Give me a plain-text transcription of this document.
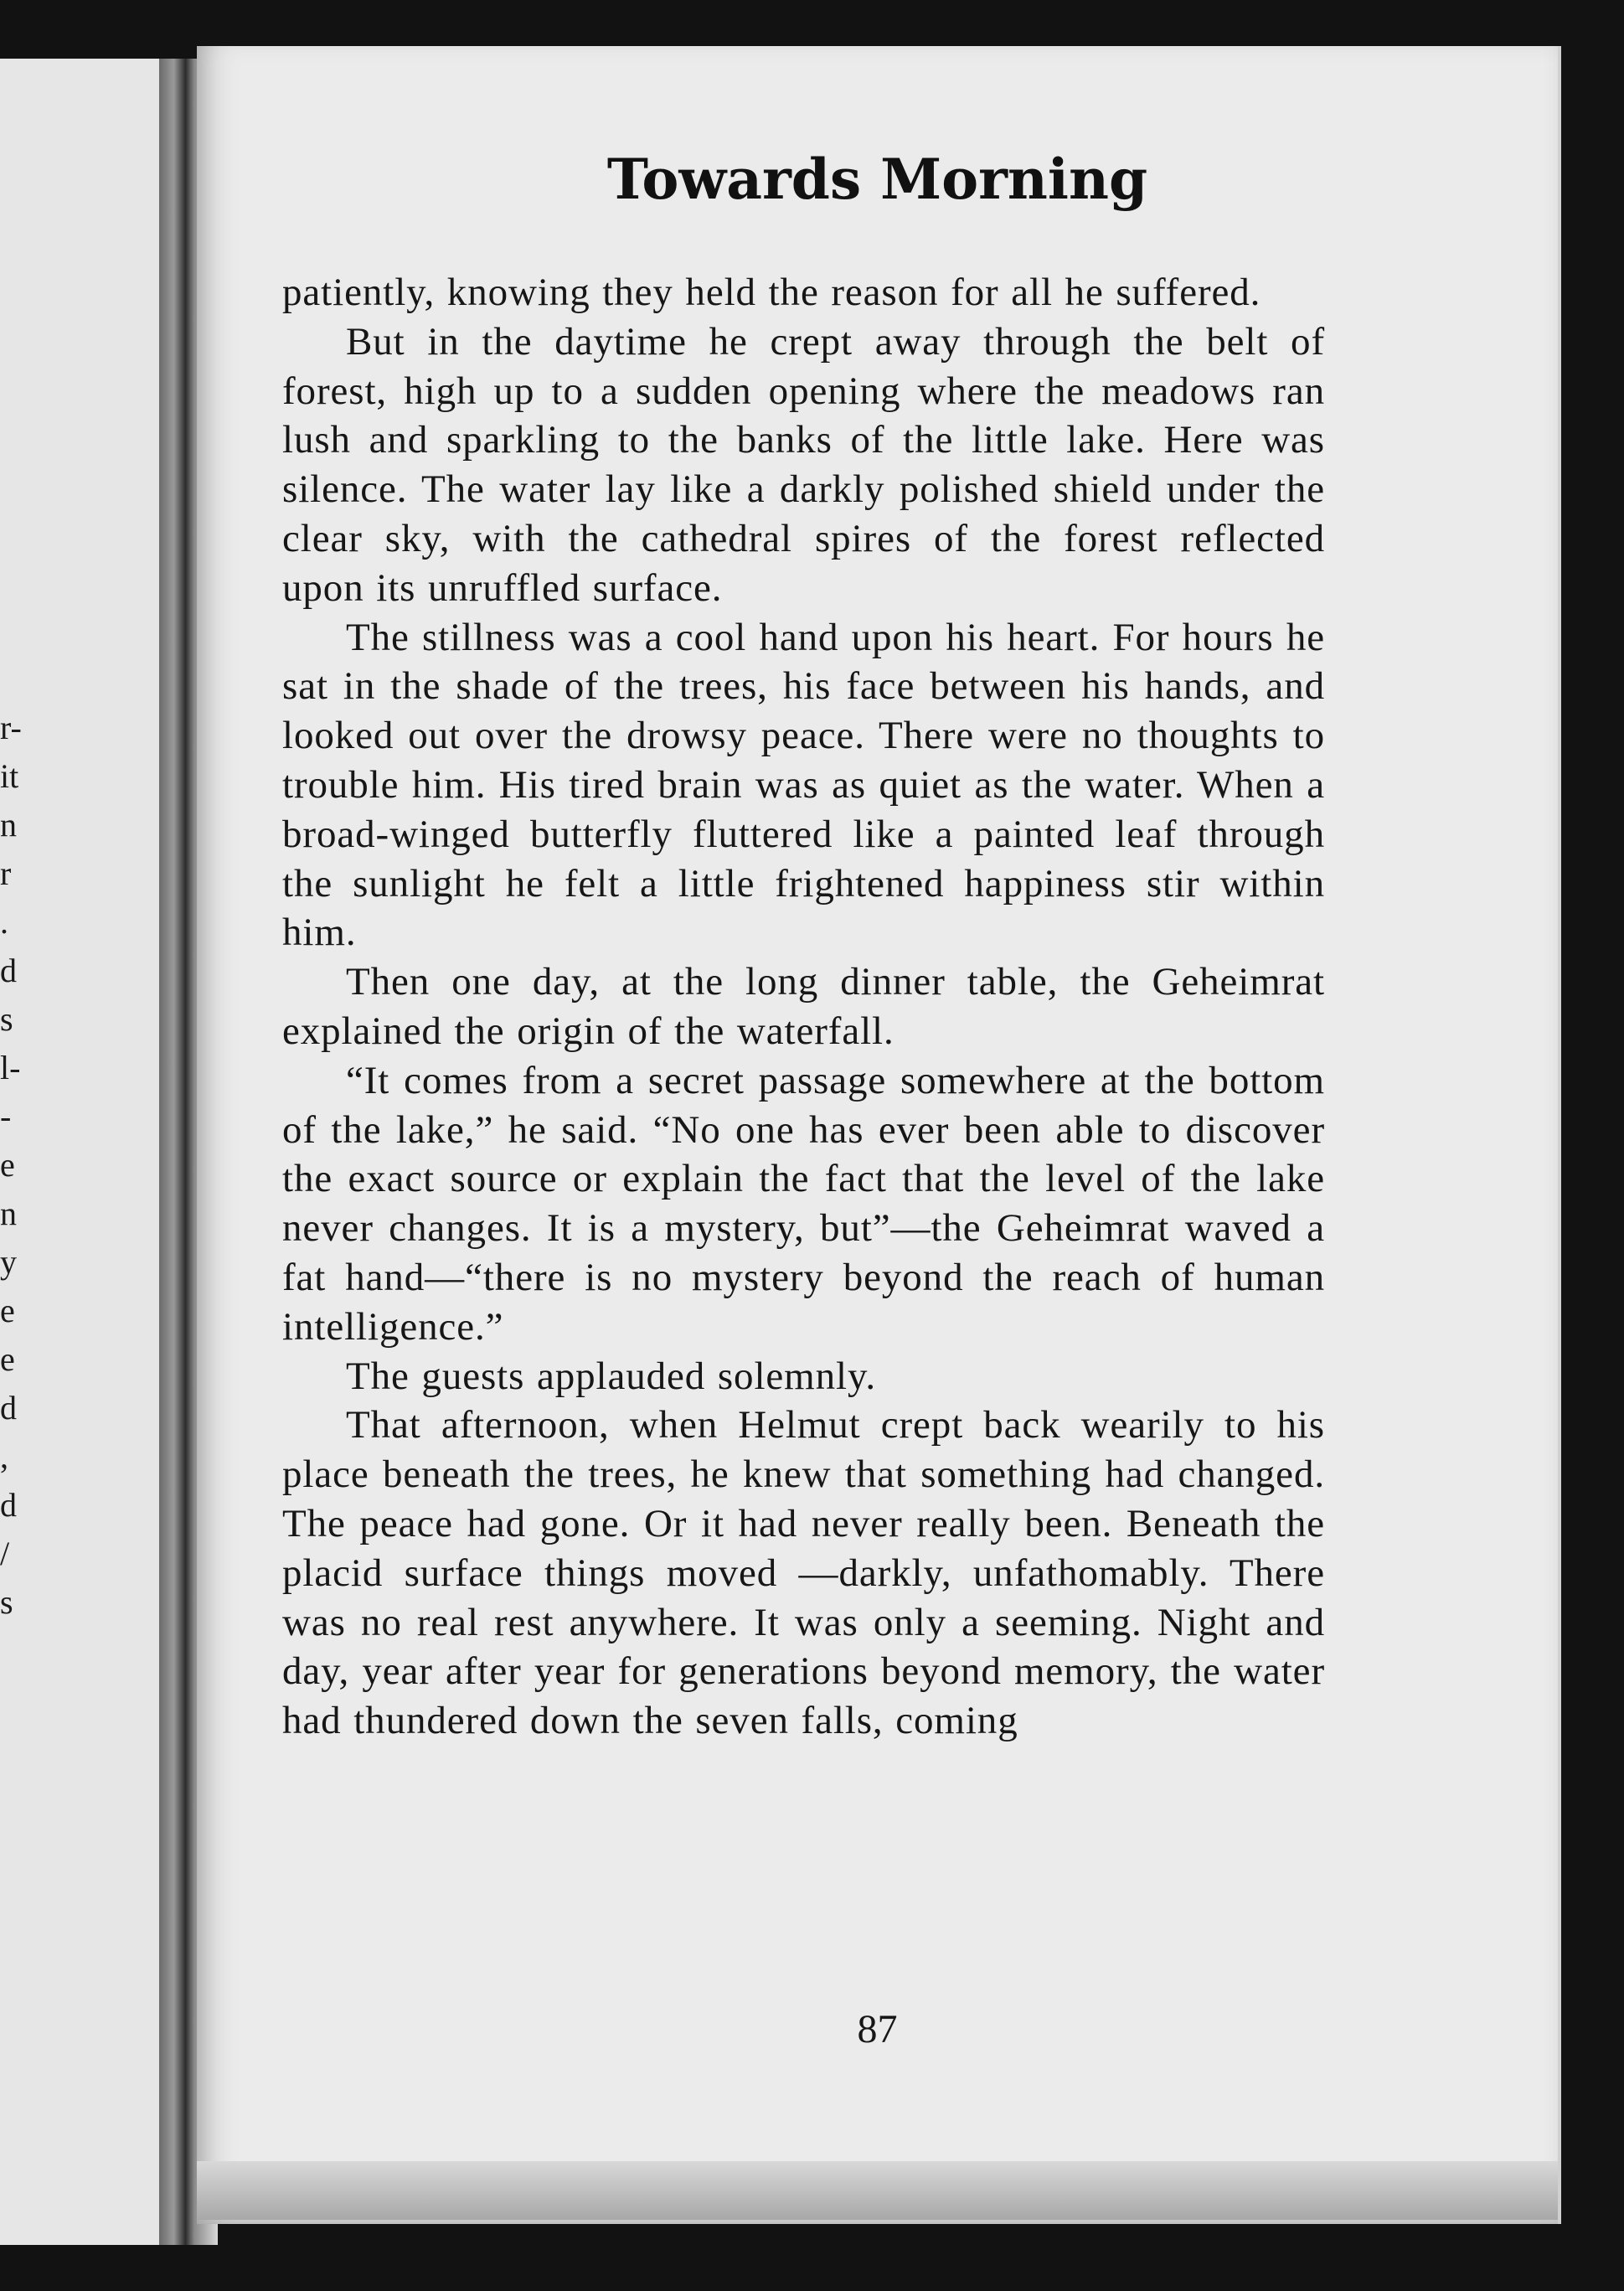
r-
it
n
r
.
d
s
l-
-
e
n
y
e
e
d
,
d
/
s
Towards Morning

patiently, knowing they held the reason for all he suffered.

But in the daytime he crept away through the belt of forest, high up to a sudden opening where the meadows ran lush and sparkling to the banks of the little lake. Here was silence. The water lay like a darkly polished shield under the clear sky, with the cathedral spires of the forest reflected upon its unruffled surface.

The stillness was a cool hand upon his heart. For hours he sat in the shade of the trees, his face between his hands, and looked out over the drowsy peace. There were no thoughts to trouble him. His tired brain was as quiet as the water. When a broad-winged butterfly fluttered like a painted leaf through the sunlight he felt a little frightened happiness stir within him.

Then one day, at the long dinner table, the Geheimrat explained the origin of the waterfall.

“It comes from a secret passage somewhere at the bottom of the lake,” he said. “No one has ever been able to discover the exact source or explain the fact that the level of the lake never changes. It is a mystery, but”—the Geheimrat waved a fat hand—“there is no mystery beyond the reach of human intelligence.”

The guests applauded solemnly.

That afternoon, when Helmut crept back wearily to his place beneath the trees, he knew that something had changed. The peace had gone. Or it had never really been. Beneath the placid surface things moved —darkly, unfathomably. There was no real rest anywhere. It was only a seeming. Night and day, year after year for generations beyond memory, the water had thundered down the seven falls, coming

87
